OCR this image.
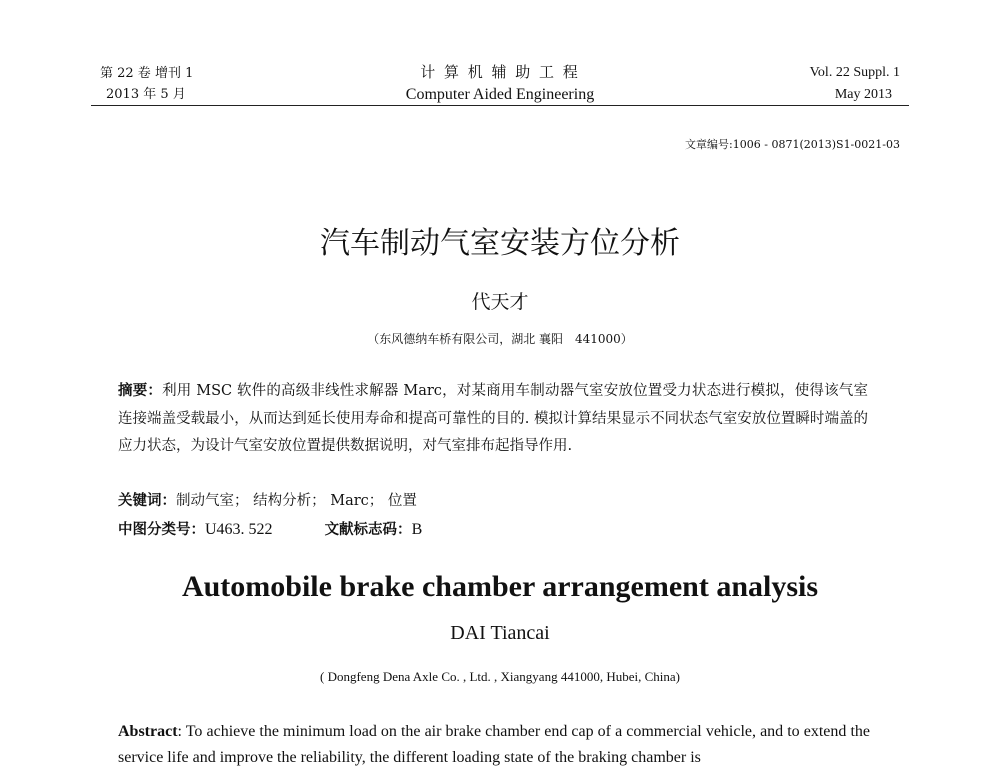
第 22 卷 增刊 1
2013 年 5 月
计 算 机 辅 助 工 程
Computer Aided Engineering
Vol. 22 Suppl. 1
May 2013
文章编号:1006 - 0871(2013)S1-0021-03
汽车制动气室安装方位分析
代天才
（东风德纳车桥有限公司，湖北 襄阳　441000）
摘要：利用 MSC 软件的高级非线性求解器 Marc，对某商用车制动器气室安放位置受力状态进行模拟，使得该气室连接端盖受载最小，从而达到延长使用寿命和提高可靠性的目的. 模拟计算结果显示不同状态气室安放位置瞬时端盖的应力状态，为设计气室安放位置提供数据说明，对气室排布起指导作用.
关键词：制动气室； 结构分析； Marc； 位置
中图分类号：U463. 522	文献标志码：B
Automobile brake chamber arrangement analysis
DAI Tiancai
( Dongfeng Dena Axle Co. , Ltd. , Xiangyang 441000, Hubei, China)
Abstract: To achieve the minimum load on the air brake chamber end cap of a commercial vehicle, and to extend the service life and improve the reliability, the different loading state of the braking chamber is
